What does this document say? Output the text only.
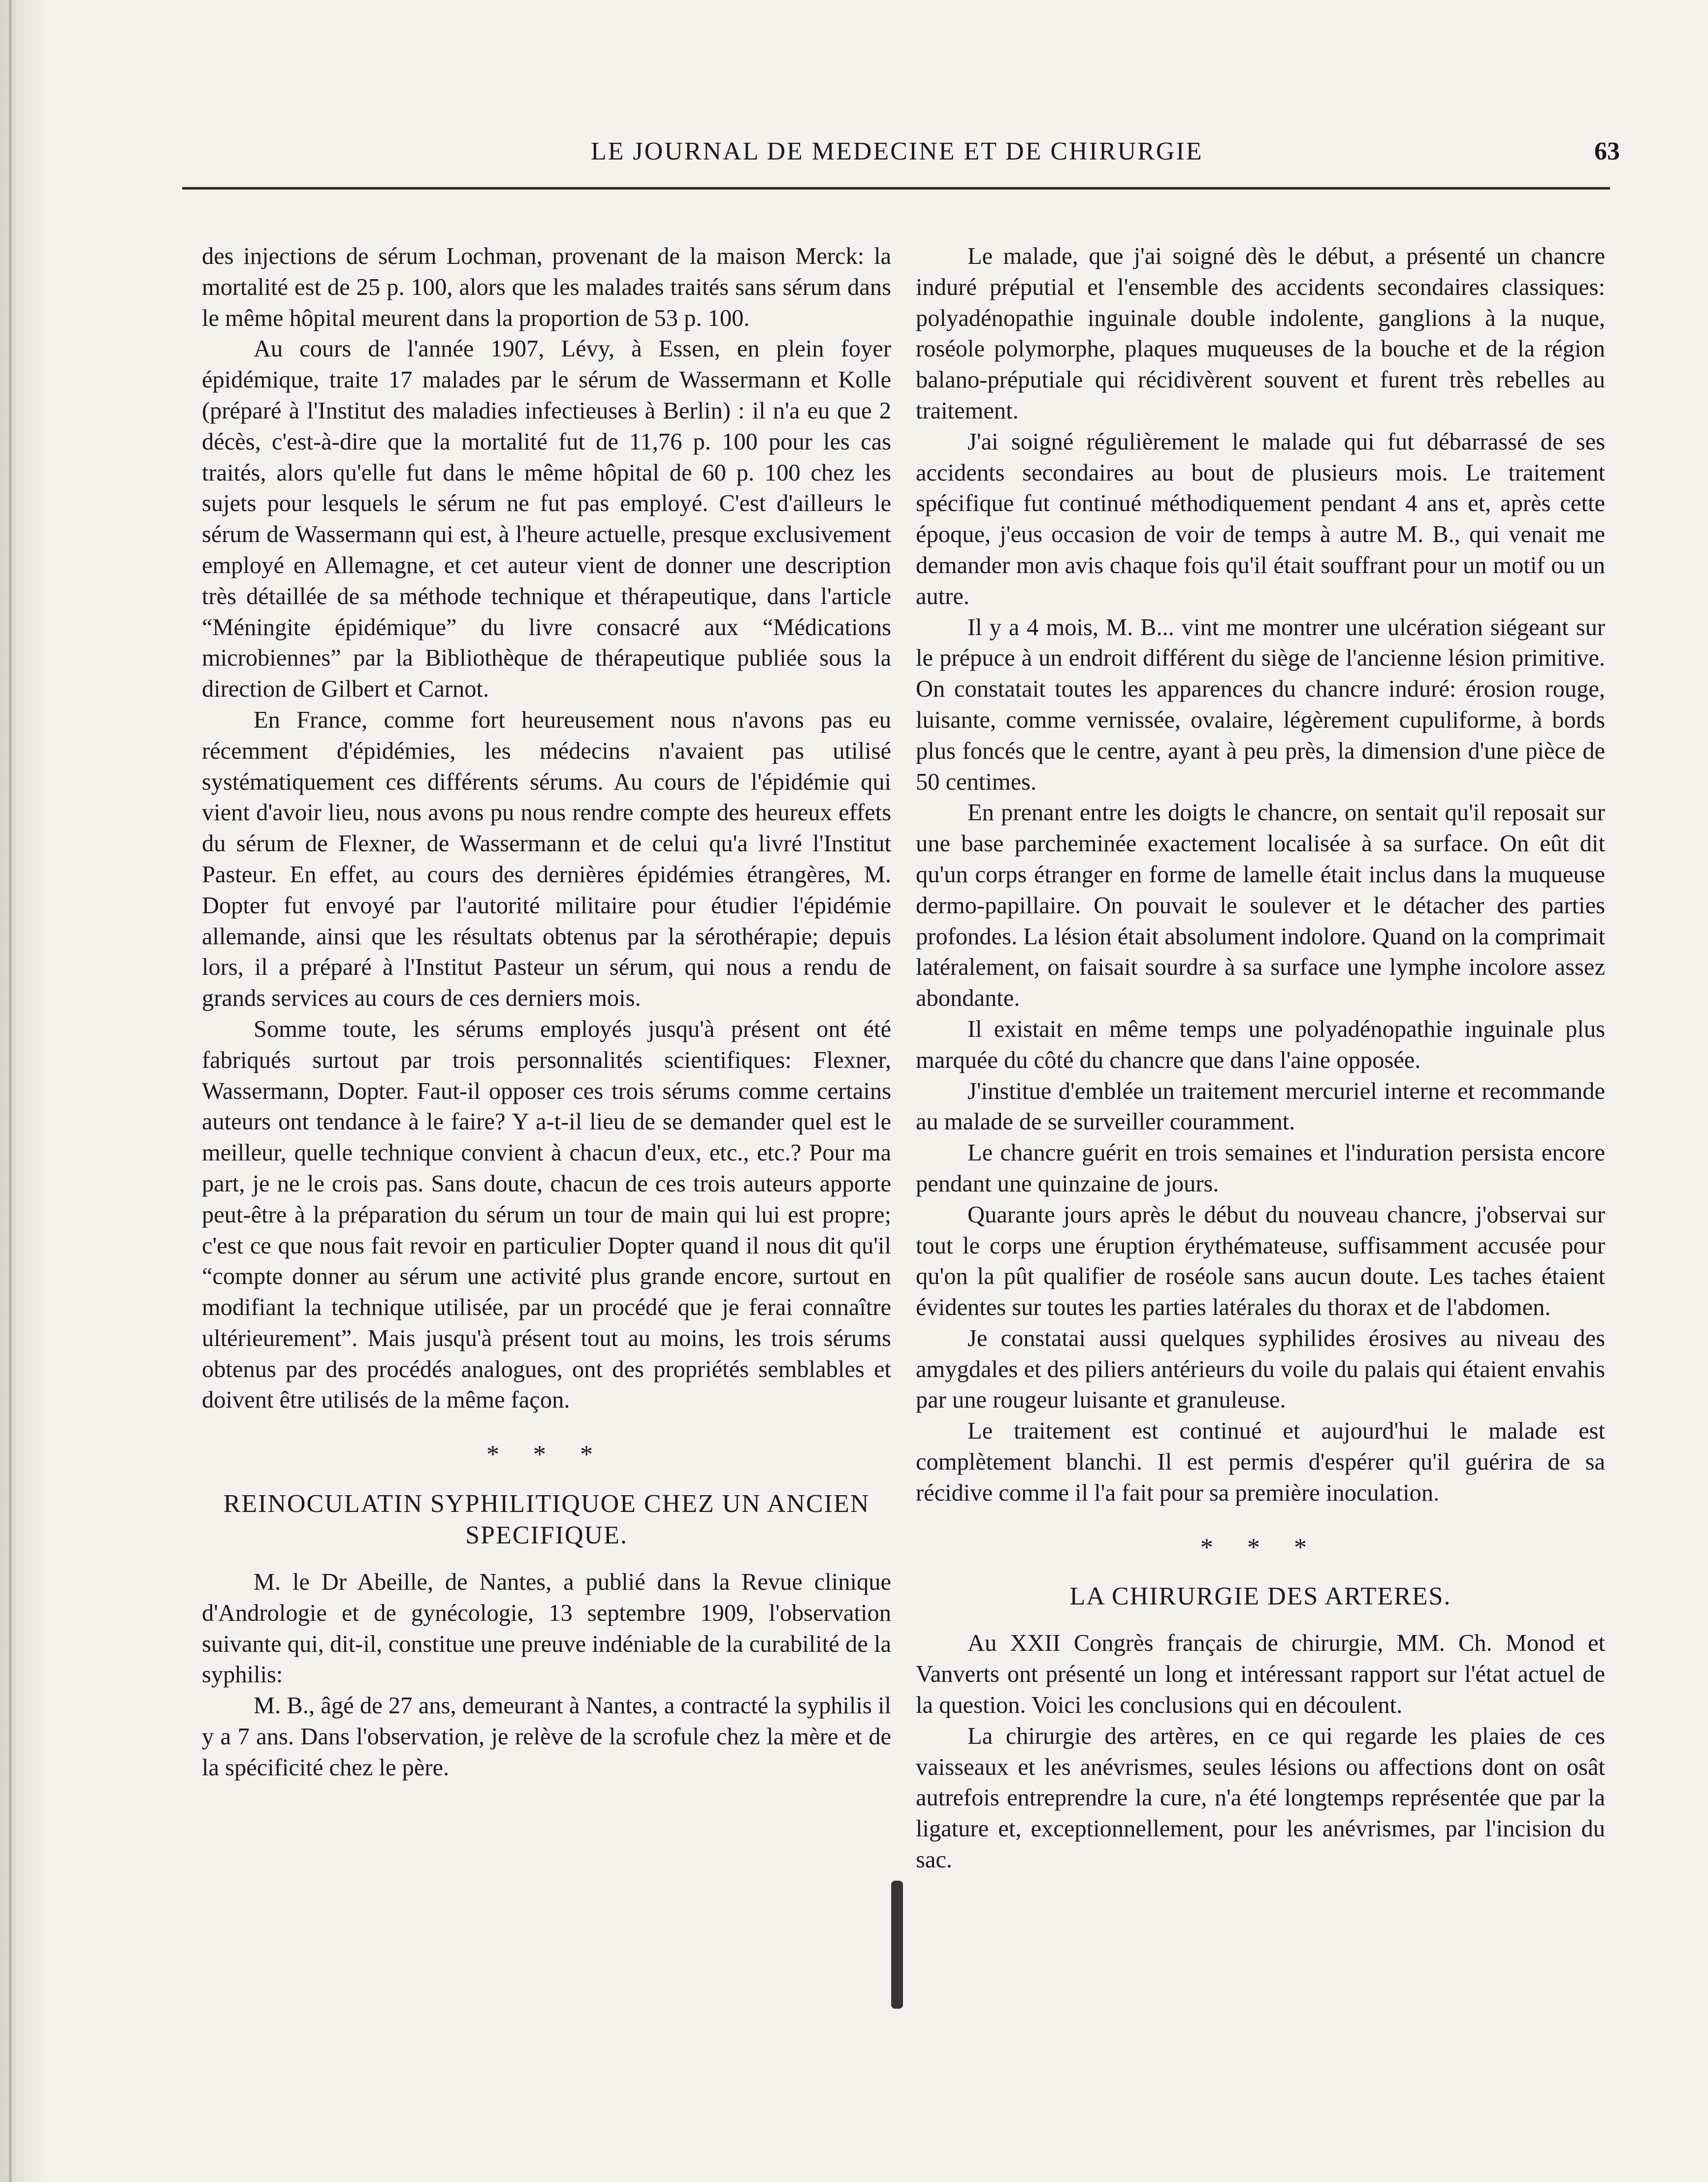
LE JOURNAL DE MEDECINE ET DE CHIRURGIE	63

des injections de sérum Lochman, provenant de la maison Merck: la mortalité est de 25 p. 100, alors que les malades traités sans sérum dans le même hôpital meurent dans la proportion de 53 p. 100.

Au cours de l'année 1907, Lévy, à Essen, en plein foyer épidémique, traite 17 malades par le sérum de Wassermann et Kolle (préparé à l'Institut des maladies infectieuses à Berlin) : il n'a eu que 2 décès, c'est-à-dire que la mortalité fut de 11,76 p. 100 pour les cas traités, alors qu'elle fut dans le même hôpital de 60 p. 100 chez les sujets pour lesquels le sérum ne fut pas employé. C'est d'ailleurs le sérum de Wassermann qui est, à l'heure actuelle, presque exclusivement employé en Allemagne, et cet auteur vient de donner une description très détaillée de sa méthode technique et thérapeutique, dans l'article “Méningite épidémique” du livre consacré aux “Médications microbiennes” par la Bibliothèque de thérapeutique publiée sous la direction de Gilbert et Carnot.

En France, comme fort heureusement nous n'avons pas eu récemment d'épidémies, les médecins n'avaient pas utilisé systématiquement ces différents sérums. Au cours de l'épidémie qui vient d'avoir lieu, nous avons pu nous rendre compte des heureux effets du sérum de Flexner, de Wassermann et de celui qu'a livré l'Institut Pasteur. En effet, au cours des dernières épidémies étrangères, M. Dopter fut envoyé par l'autorité militaire pour étudier l'épidémie allemande, ainsi que les résultats obtenus par la sérothérapie; depuis lors, il a préparé à l'Institut Pasteur un sérum, qui nous a rendu de grands services au cours de ces derniers mois.

Somme toute, les sérums employés jusqu'à présent ont été fabriqués surtout par trois personnalités scientifiques: Flexner, Wassermann, Dopter. Faut-il opposer ces trois sérums comme certains auteurs ont tendance à le faire? Y a-t-il lieu de se demander quel est le meilleur, quelle technique convient à chacun d'eux, etc., etc.? Pour ma part, je ne le crois pas. Sans doute, chacun de ces trois auteurs apporte peut-être à la préparation du sérum un tour de main qui lui est propre; c'est ce que nous fait revoir en particulier Dopter quand il nous dit qu'il “compte donner au sérum une activité plus grande encore, surtout en modifiant la technique utilisée, par un procédé que je ferai connaître ultérieurement”. Mais jusqu'à présent tout au moins, les trois sérums obtenus par des procédés analogues, ont des propriétés semblables et doivent être utilisés de la même façon.

* * *
REINOCULATIN SYPHILITIQUOE CHEZ UN ANCIEN SPECIFIQUE.

M. le Dr Abeille, de Nantes, a publié dans la Revue clinique d'Andrologie et de gynécologie, 13 septembre 1909, l'observation suivante qui, dit-il, constitue une preuve indéniable de la curabilité de la syphilis:

M. B., âgé de 27 ans, demeurant à Nantes, a contracté la syphilis il y a 7 ans. Dans l'observation, je relève de la scrofule chez la mère et de la spécificité chez le père.

Le malade, que j'ai soigné dès le début, a présenté un chancre induré préputial et l'ensemble des accidents secondaires classiques: polyadénopathie inguinale double indolente, ganglions à la nuque, roséole polymorphe, plaques muqueuses de la bouche et de la région balano-préputiale qui récidivèrent souvent et furent très rebelles au traitement.

J'ai soigné régulièrement le malade qui fut débarrassé de ses accidents secondaires au bout de plusieurs mois. Le traitement spécifique fut continué méthodiquement pendant 4 ans et, après cette époque, j'eus occasion de voir de temps à autre M. B., qui venait me demander mon avis chaque fois qu'il était souffrant pour un motif ou un autre.

Il y a 4 mois, M. B... vint me montrer une ulcération siégeant sur le prépuce à un endroit différent du siège de l'ancienne lésion primitive. On constatait toutes les apparences du chancre induré: érosion rouge, luisante, comme vernissée, ovalaire, légèrement cupuliforme, à bords plus foncés que le centre, ayant à peu près, la dimension d'une pièce de 50 centimes.

En prenant entre les doigts le chancre, on sentait qu'il reposait sur une base parcheminée exactement localisée à sa surface. On eût dit qu'un corps étranger en forme de lamelle était inclus dans la muqueuse dermo-papillaire. On pouvait le soulever et le détacher des parties profondes. La lésion était absolument indolore. Quand on la comprimait latéralement, on faisait sourdre à sa surface une lymphe incolore assez abondante.

Il existait en même temps une polyadénopathie inguinale plus marquée du côté du chancre que dans l'aine opposée.

J'institue d'emblée un traitement mercuriel interne et recommande au malade de se surveiller couramment.

Le chancre guérit en trois semaines et l'induration persista encore pendant une quinzaine de jours.

Quarante jours après le début du nouveau chancre, j'observai sur tout le corps une éruption érythémateuse, suffisamment accusée pour qu'on la pût qualifier de roséole sans aucun doute. Les taches étaient évidentes sur toutes les parties latérales du thorax et de l'abdomen.

Je constatai aussi quelques syphilides érosives au niveau des amygdales et des piliers antérieurs du voile du palais qui étaient envahis par une rougeur luisante et granuleuse.

Le traitement est continué et aujourd'hui le malade est complètement blanchi. Il est permis d'espérer qu'il guérira de sa récidive comme il l'a fait pour sa première inoculation.

* * *
LA CHIRURGIE DES ARTERES.

Au XXII Congrès français de chirurgie, MM. Ch. Monod et Vanverts ont présenté un long et intéressant rapport sur l'état actuel de la question. Voici les conclusions qui en découlent.

La chirurgie des artères, en ce qui regarde les plaies de ces vaisseaux et les anévrismes, seules lésions ou affections dont on osât autrefois entreprendre la cure, n'a été longtemps représentée que par la ligature et, exceptionnellement, pour les anévrismes, par l'incision du sac.
